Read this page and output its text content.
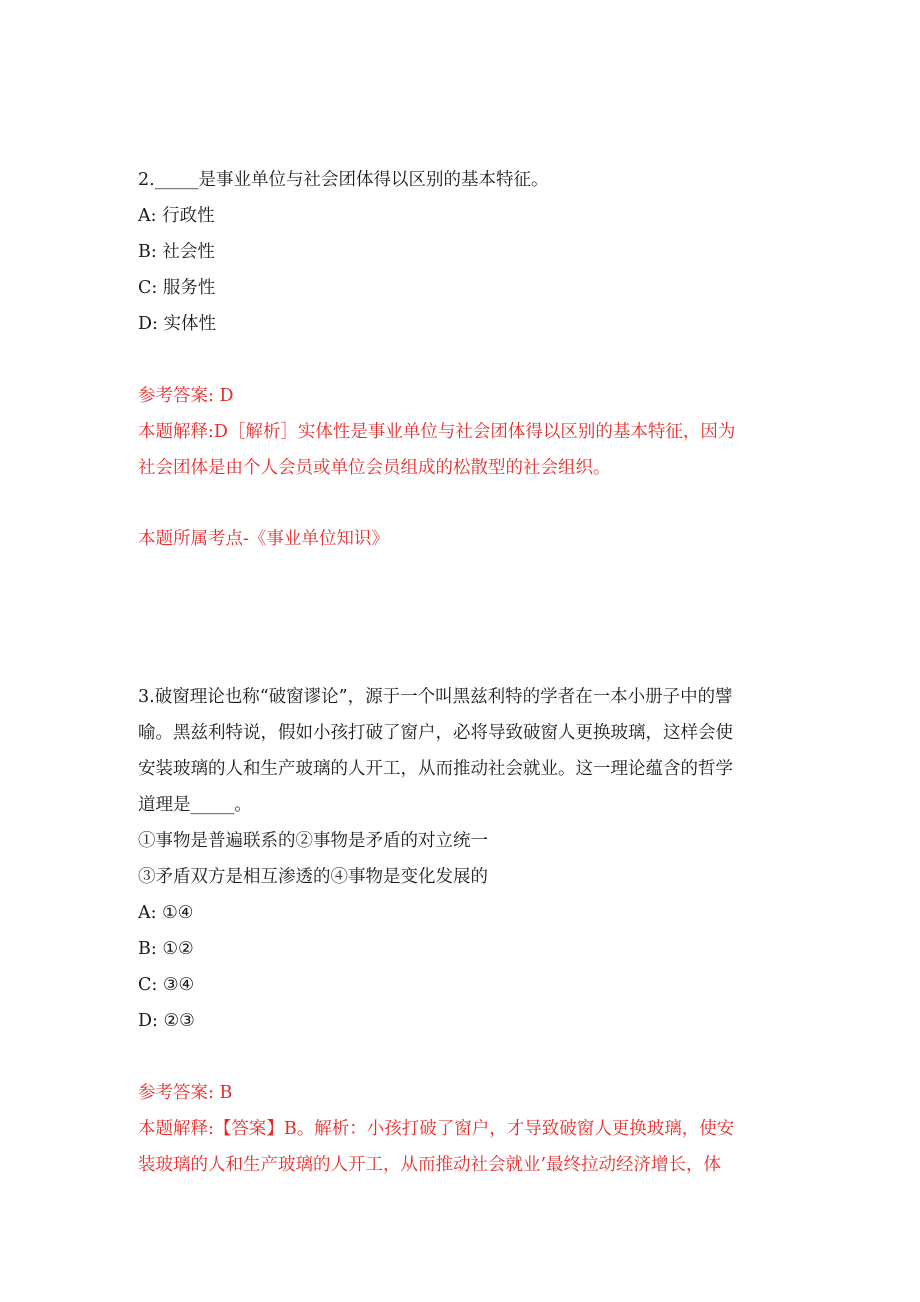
2._____是事业单位与社会团体得以区别的基本特征。
A: 行政性
B: 社会性
C: 服务性
D: 实体性
参考答案: D
本题解释:D［解析］实体性是事业单位与社会团体得以区别的基本特征，因为
社会团体是由个人会员或单位会员组成的松散型的社会组织。
本题所属考点-《事业单位知识》
3.破窗理论也称“破窗谬论”，源于一个叫黑兹利特的学者在一本小册子中的譬
喻。黑兹利特说，假如小孩打破了窗户，必将导致破窗人更换玻璃，这样会使
安装玻璃的人和生产玻璃的人开工，从而推动社会就业。这一理论蕴含的哲学
道理是_____。
①事物是普遍联系的②事物是矛盾的对立统一
③矛盾双方是相互渗透的④事物是变化发展的
A: ①④
B: ①②
C: ③④
D: ②③
参考答案: B
本题解释:【答案】B。解析：小孩打破了窗户，才导致破窗人更换玻璃，使安
装玻璃的人和生产玻璃的人开工，从而推动社会就业’最终拉动经济增长，体
